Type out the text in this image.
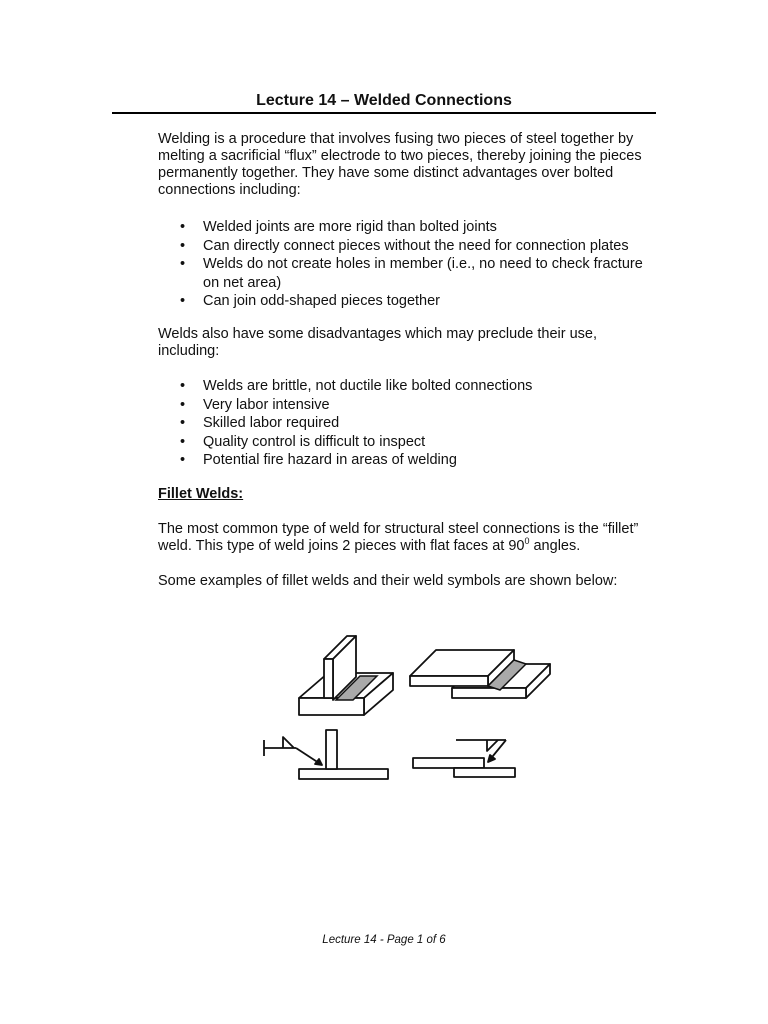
Lecture 14 – Welded Connections

Welding is a procedure that involves fusing two pieces of steel together by melting a sacrificial “flux” electrode to two pieces, thereby joining the pieces permanently together. They have some distinct advantages over bolted connections including:

• Welded joints are more rigid than bolted joints
• Can directly connect pieces without the need for connection plates
• Welds do not create holes in member (i.e., no need to check fracture on net area)
• Can join odd-shaped pieces together

Welds also have some disadvantages which may preclude their use, including:

• Welds are brittle, not ductile like bolted connections
• Very labor intensive
• Skilled labor required
• Quality control is difficult to inspect
• Potential fire hazard in areas of welding
Fillet Welds:

The most common type of weld for structural steel connections is the “fillet” weld. This type of weld joins 2 pieces with flat faces at $90^0$ angles.

Some examples of fillet welds and their weld symbols are shown below:

Lecture 14 - Page 1 of 6
